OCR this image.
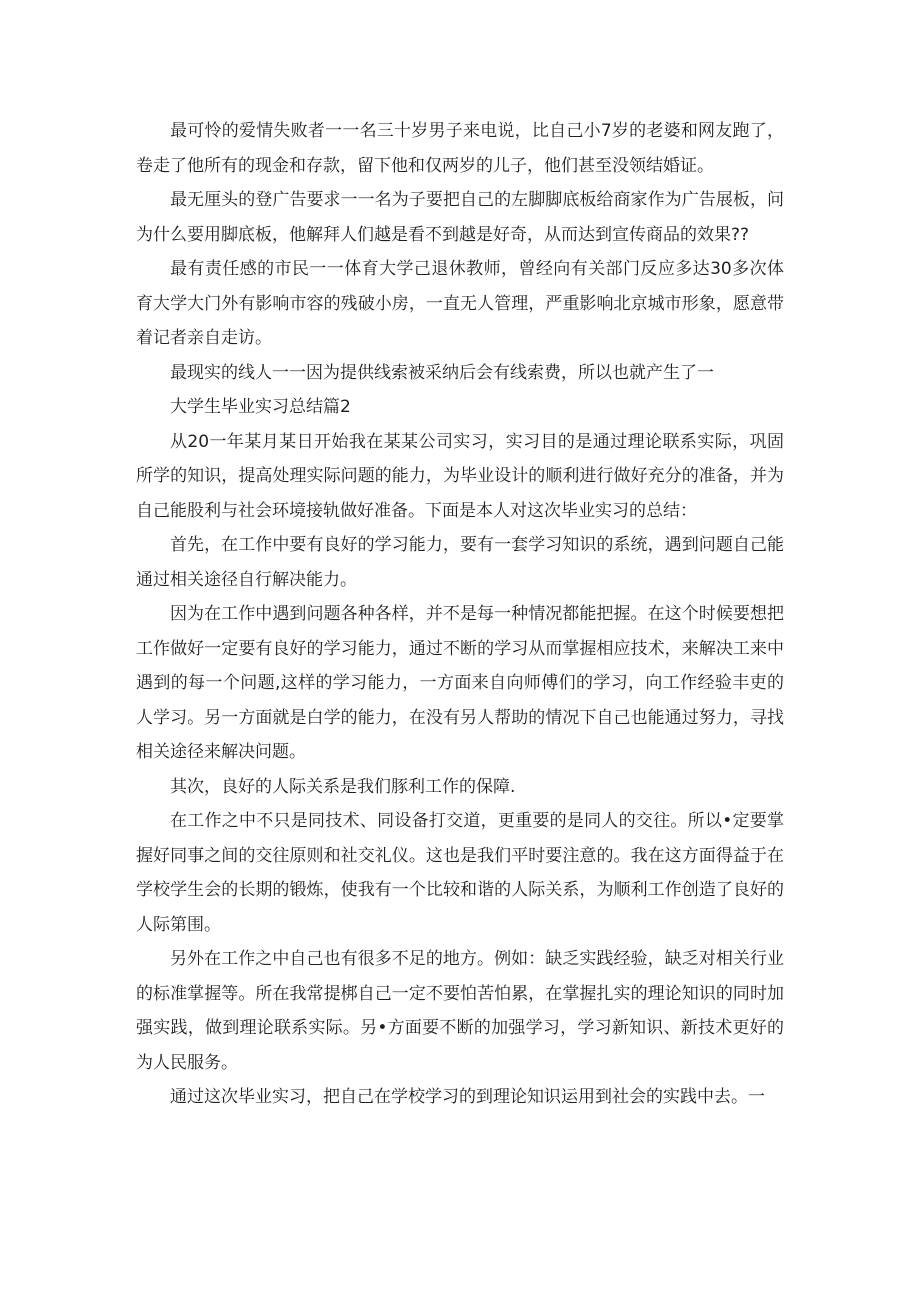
最可怜的爱情失败者一一名三十岁男子来电说，比自己小7岁的老婆和网友跑了，卷走了他所有的现金和存款，留下他和仅两岁的儿子，他们甚至没领结婚证。

最无厘头的登广告要求一一名为子要把自己的左脚脚底板给商家作为广告展板，问为什么要用脚底板，他解拜人们越是看不到越是好奇，从而达到宣传商品的效果??

最有责任感的市民一一体育大学己退休教师，曾经向有关部门反应多达30多次体育大学大门外有影响市容的残破小房，一直无人管理，严重影响北京城市形象，愿意带着记者亲自走访。

最现实的线人一一因为提供线索被采纳后会有线索费，所以也就产生了一

大学生毕业实习总结篇2

从20一年某月某日开始我在某某公司实习，实习目的是通过理论联系实际，巩固所学的知识，提高处理实际问题的能力，为毕业设计的顺利进行做好充分的准备，并为自己能股利与社会环境接轨做好准备。下面是本人对这次毕业实习的总结：

首先，在工作中要有良好的学习能力，要有一套学习知识的系统，遇到问题自己能通过相关途径自行解决能力。

因为在工作中遇到问题各种各样，并不是每一种情况都能把握。在这个时候要想把工作做好一定要有良好的学习能力，通过不断的学习从而掌握相应技术，来解决工来中遇到的每一个问题,这样的学习能力，一方面来自向师傅们的学习，向工作经验丰吏的人学习。另一方面就是白学的能力，在没有另人帮助的情况下自己也能通过努力，寻找相关途径来解决问题。

其次，良好的人际关系是我们豚利工作的保障.

在工作之中不只是同技术、同设备打交道，更重要的是同人的交往。所以•定要掌握好同事之间的交往原则和社交礼仪。这也是我们平时要注意的。我在这方面得益于在学校学生会的长期的锻炼，使我有一个比较和谐的人际关系，为顺利工作创造了良好的人际第围。

另外在工作之中自己也有很多不足的地方。例如：缺乏实践经验，缺乏对相关行业的标准掌握等。所在我常提梆自己一定不要怕苦怕累，在掌握扎实的理论知识的同时加强实践，做到理论联系实际。另•方面要不断的加强学习，学习新知识、新技术更好的为人民服务。

通过这次毕业实习，把自己在学校学习的到理论知识运用到社会的实践中去。一
